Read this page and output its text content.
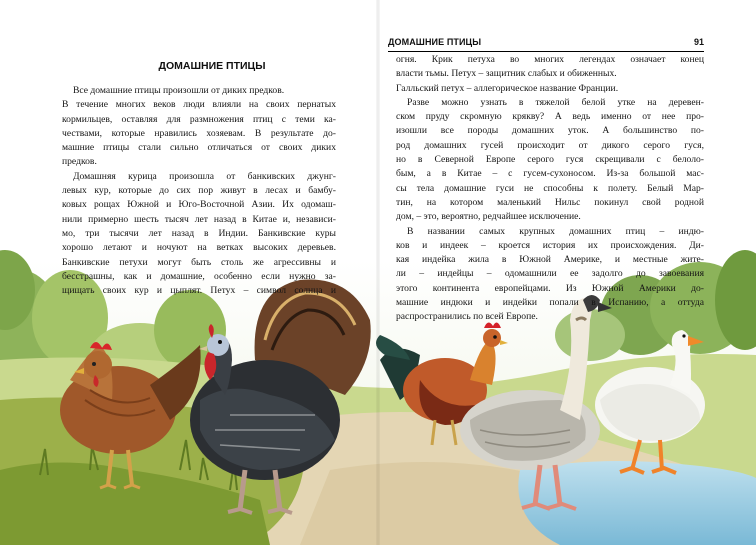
ДОМАШНИЕ ПТИЦЫ	91
ДОМАШНИЕ ПТИЦЫ
Все домашние птицы произошли от диких предков.
В течение многих веков люди влияли на своих пернатых
кормильцев, оставляя для размножения птиц с теми ка-
чествами, которые нравились хозяевам. В результате до-
машние птицы стали сильно отличаться от своих диких
предков.
Домашняя курица произошла от банкивских джунг-
левых кур, которые до сих пор живут в лесах и бамбу-
ковых рощах Южной и Юго-Восточной Азии. Их одомаш-
нили примерно шесть тысяч лет назад в Китае и, независи-
мо, три тысячи лет назад в Индии. Банкивские куры
хорошо летают и ночуют на ветках высоких деревьев.
Банкивские петухи могут быть столь же агрессивны и
бесстрашны, как и домашние, особенно если нужно за-
щищать своих кур и цыплят. Петух – символ солнца и
огня. Крик петуха во многих легендах означает конец
власти тьмы. Петух – защитник слабых и обиженных.
Галльский петух – аллегорическое название Франции.
Разве можно узнать в тяжелой белой утке на деревен-
ском пруду скромную крякву? А ведь именно от нее про-
изошли все породы домашних уток. А большинство по-
род домашних гусей происходит от дикого серого гуся,
но в Северной Европе серого гуся скрещивали с белоло-
бым, а в Китае – с гусем-сухоносом. Из-за большой мас-
сы тела домашние гуси не способны к полету. Белый Мар-
тин, на котором маленький Нильс покинул свой родной
дом, – это, вероятно, редчайшее исключение.
В названии самых крупных домашних птиц – индю-
ков и индеек – кроется история их происхождения. Ди-
кая индейка жила в Южной Америке, и местные жите-
ли – индейцы – одомашнили ее задолго до завоевания
этого континента европейцами. Из Южной Америки до-
машние индюки и индейки попали в Испанию, а оттуда
распространились по всей Европе.
